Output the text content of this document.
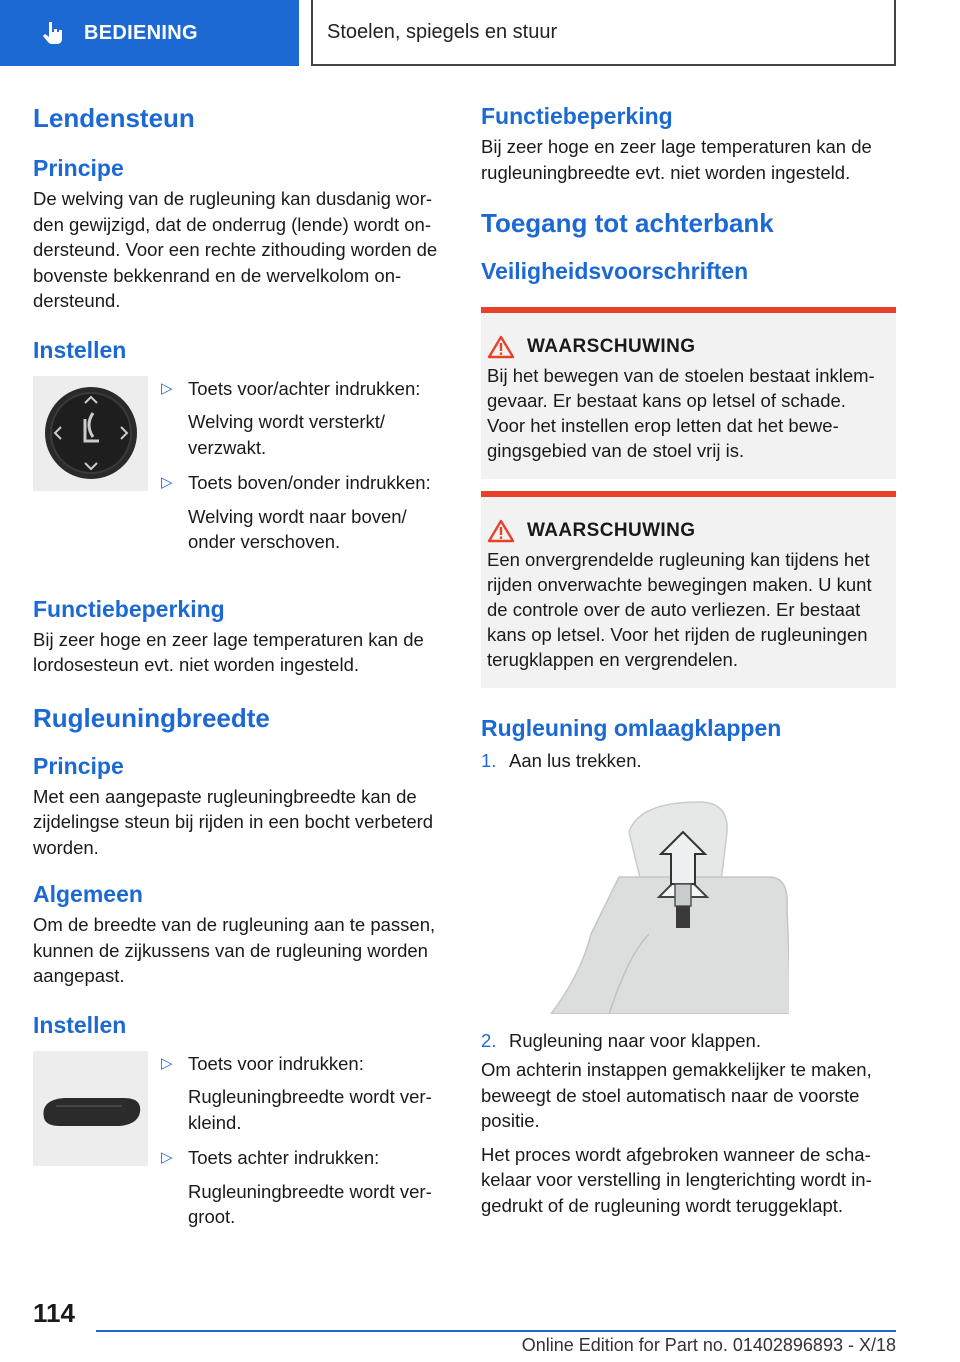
BEDIENING	Stoelen, spiegels en stuur
Lendensteun
Principe

De welving van de rugleuning kan dusdanig wor-den gewijzigd, dat de onderrug (lende) wordt on-dersteund. Voor een rechte zithouding worden de bovenste bekkenrand en de wervelkolom on-dersteund.

Instellen
▷ Toets voor/achter indrukken:

Welving wordt versterkt/ verzwakt.

▷ Toets boven/onder indrukken:

Welving wordt naar boven/ onder verschoven.

Functiebeperking

Bij zeer hoge en zeer lage temperaturen kan de lordosesteun evt. niet worden ingesteld.

Rugleuningbreedte
Principe

Met een aangepaste rugleuningbreedte kan de zijdelingse steun bij rijden in een bocht verbeterd worden.

Algemeen

Om de breedte van de rugleuning aan te passen, kunnen de zijkussens van de rugleuning worden aangepast.

Instellen
▷ Toets voor indrukken:

Rugleuningbreedte wordt ver-kleind.

▷ Toets achter indrukken:

Rugleuningbreedte wordt ver-groot.

Functiebeperking

Bij zeer hoge en zeer lage temperaturen kan de rugleuningbreedte evt. niet worden ingesteld.

Toegang tot achterbank
Veiligheidsvoorschriften
WAARSCHUWING

Bij het bewegen van de stoelen bestaat inklem-gevaar. Er bestaat kans op letsel of schade. Voor het instellen erop letten dat het bewe-gingsgebied van de stoel vrij is.

WAARSCHUWING

Een onvergrendelde rugleuning kan tijdens het rijden onverwachte bewegingen maken. U kunt de controle over de auto verliezen. Er bestaat kans op letsel. Voor het rijden de rugleuningen terugklappen en vergrendelen.

Rugleuning omlaagklappen
1. Aan lus trekken.

2. Rugleuning naar voor klappen.

Om achterin instappen gemakkelijker te maken, beweegt de stoel automatisch naar de voorste positie.

Het proces wordt afgebroken wanneer de scha-kelaar voor verstelling in lengterichting wordt in-gedrukt of de rugleuning wordt teruggeklapt.

114
Online Edition for Part no. 01402896893 - X/18
